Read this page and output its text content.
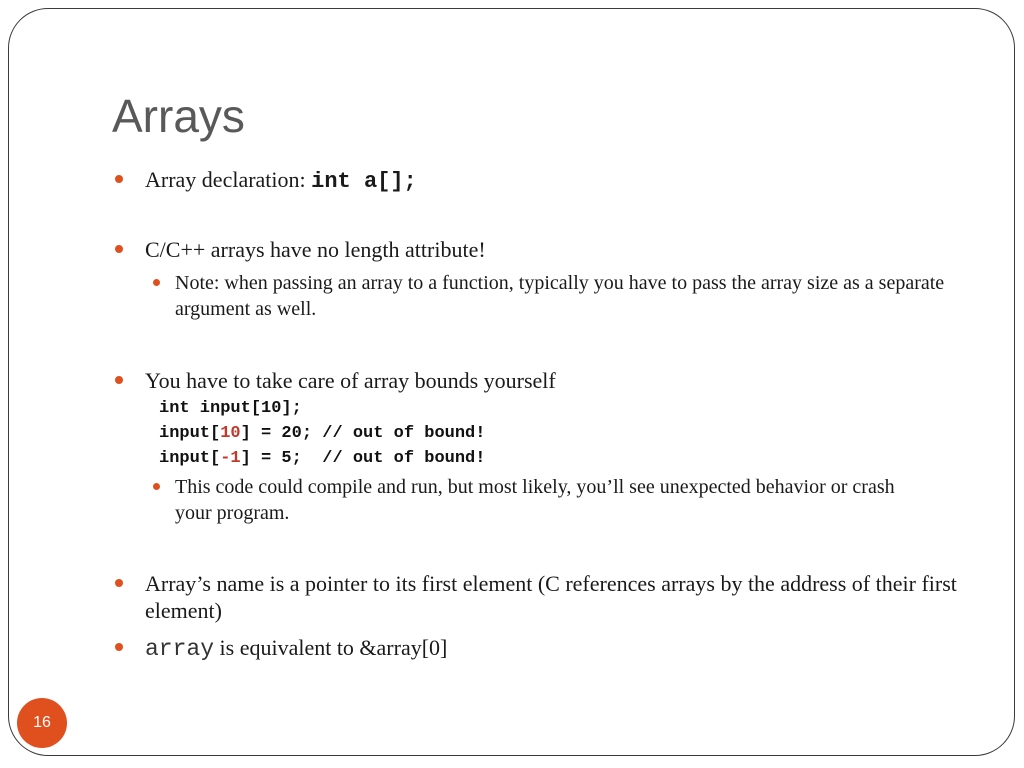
Arrays
Array declaration: int a[];
C/C++ arrays have no length attribute!
Note: when passing an array to a function, typically you have to pass the array size as a separate argument as well.
You have to take care of array bounds yourself
int input[10];
input[10] = 20; // out of bound!
input[-1] = 5;  // out of bound!
This code could compile and run, but most likely, you’ll see unexpected behavior or crash your program.
Array’s name is a pointer to its first element (C references arrays by the address of their first element)
array is equivalent to &array[0]
16
